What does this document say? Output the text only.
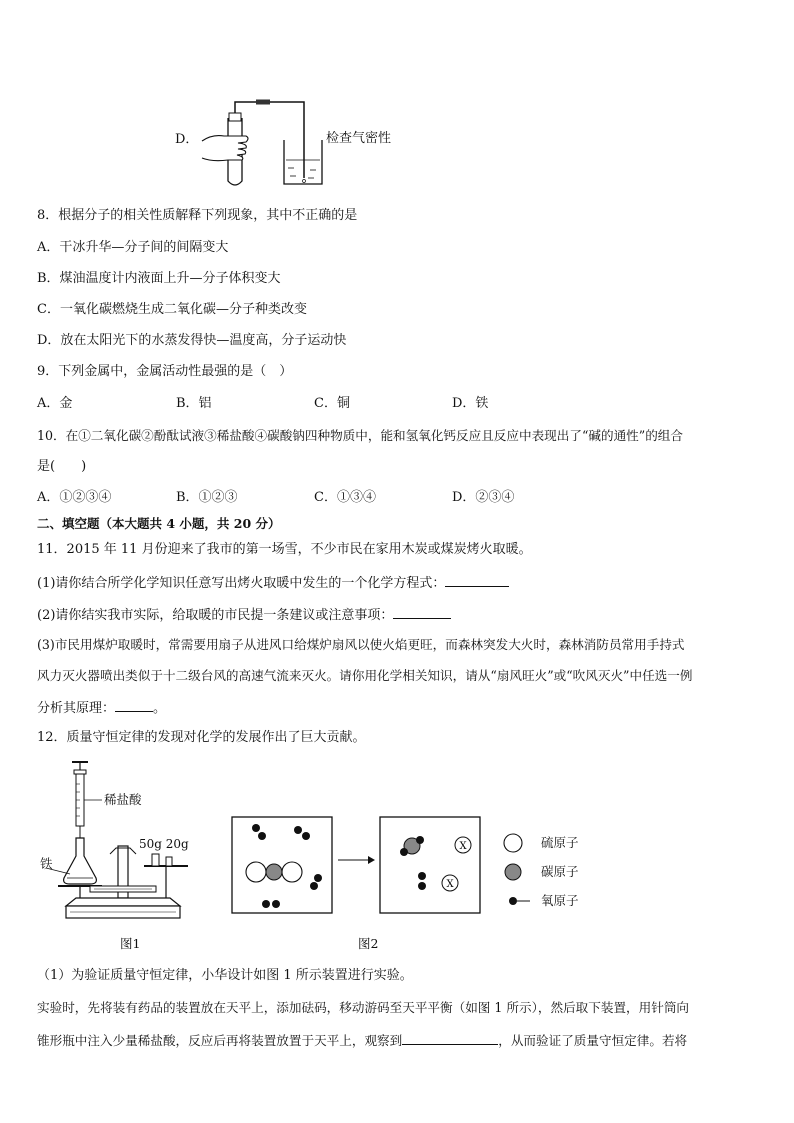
D．	检查气密性
8．根据分子的相关性质解释下列现象，其中不正确的是
A．干冰升华—分子间的间隔变大
B．煤油温度计内液面上升—分子体积变大
C．一氧化碳燃烧生成二氧化碳—分子种类改变
D．放在太阳光下的水蒸发得快—温度高，分子运动快
9．下列金属中，金属活动性最强的是（　）
A．金	B．铝	C．铜	D．铁
10．在①二氧化碳②酚酞试液③稀盐酸④碳酸钠四种物质中，能和氢氧化钙反应且反应中表现出了“碱的通性”的组合
是(　　)
A．①②③④	B．①②③	C．①③④	D．②③④
二、填空题（本大题共 4 小题，共 20 分）
11．2015 年 11 月份迎来了我市的第一场雪，不少市民在家用木炭或煤炭烤火取暖。
(1)请你结合所学化学知识任意写出烤火取暖中发生的一个化学方程式：
(2)请你结实我市实际，给取暖的市民提一条建议或注意事项：
(3)市民用煤炉取暖时，常需要用扇子从进风口给煤炉扇风以使火焰更旺，而森林突发大火时，森林消防员常用手持式
风力灭火器喷出类似于十二级台风的高速气流来灭火。请你用化学相关知识，请从“扇风旺火”或“吹风灭火”中任选一例
分析其原理：	。
12．质量守恒定律的发现对化学的发展作出了巨大贡献。
稀盐酸
铁
50g 20g
图1
X
X
图2
硫原子
碳原子
氧原子
（1）为验证质量守恒定律，小华设计如图 1 所示装置进行实验。
实验时，先将装有药品的装置放在天平上，添加砝码，移动游码至天平平衡（如图 1 所示），然后取下装置，用针筒向
锥形瓶中注入少量稀盐酸，反应后再将装置放置于天平上，观察到	，从而验证了质量守恒定律。若将
